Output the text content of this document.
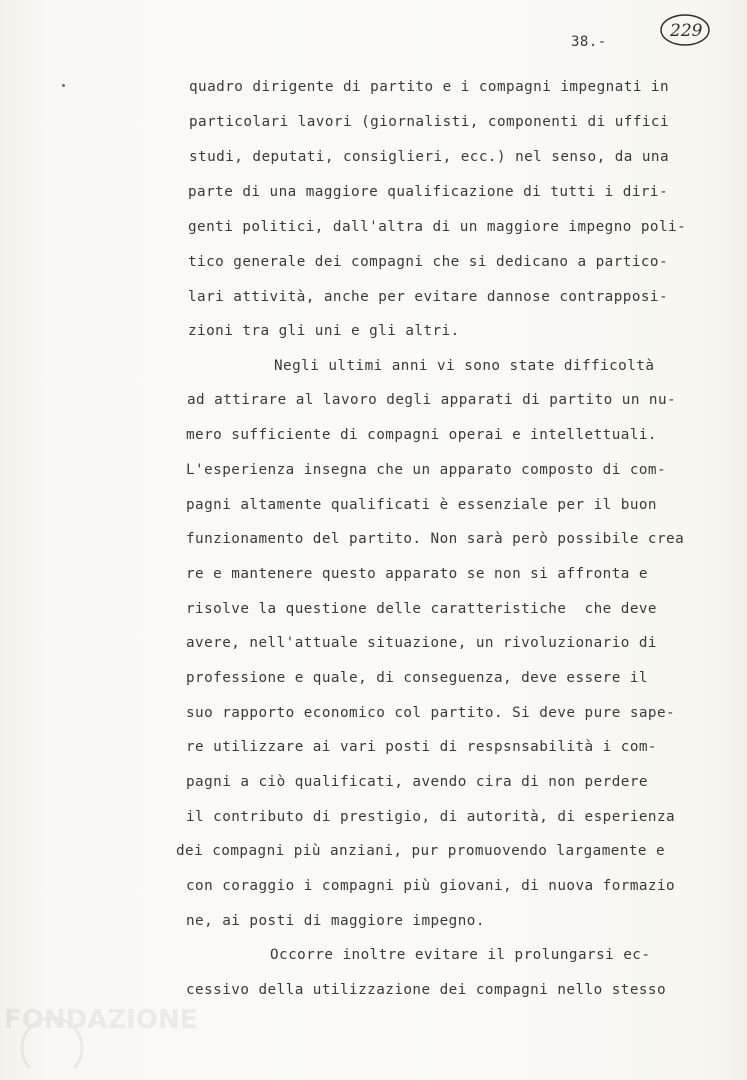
229
38.-
quadro dirigente di partito e i compagni impegnati in
particolari lavori (giornalisti, componenti di uffici
studi, deputati, consiglieri, ecc.) nel senso, da una
parte di una maggiore qualificazione di tutti i diri-
genti politici, dall'altra di un maggiore impegno poli-
tico generale dei compagni che si dedicano a partico-
lari attività, anche per evitare dannose contrapposi-
zioni tra gli uni e gli altri.
Negli ultimi anni vi sono state difficoltà
ad attirare al lavoro degli apparati di partito un nu-
mero sufficiente di compagni operai e intellettuali.
L'esperienza insegna che un apparato composto di com-
pagni altamente qualificati è essenziale per il buon
funzionamento del partito. Non sarà però possibile crea
re e mantenere questo apparato se non si affronta e
risolve la questione delle caratteristiche  che deve
avere, nell'attuale situazione, un rivoluzionario di
professione e quale, di conseguenza, deve essere il
suo rapporto economico col partito. Si deve pure sape-
re utilizzare ai vari posti di respsnsabilità i com-
pagni a ciò qualificati, avendo cira di non perdere
il contributo di prestigio, di autorità, di esperienza
dei compagni più anziani, pur promuovendo largamente e
con coraggio i compagni più giovani, di nuova formazio
ne, ai posti di maggiore impegno.
Occorre inoltre evitare il prolungarsi ec-
cessivo della utilizzazione dei compagni nello stesso
FONDAZIONE
